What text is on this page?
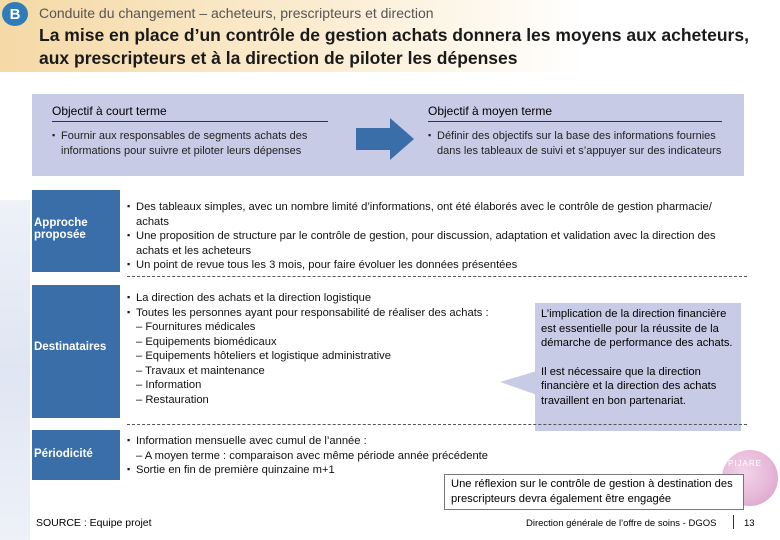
B	Conduite du changement – acheteurs, prescripteurs et direction
La mise en place d’un contrôle de gestion achats donnera les moyens aux acheteurs, aux prescripteurs et à la direction de piloter les dépenses
Objectif à court terme
▪ Fournir aux responsables de segments achats des informations pour suivre et piloter leurs dépenses
Objectif à moyen terme
▪ Définir des objectifs sur la base des informations fournies dans les tableaux de suivi et s’appuyer sur des indicateurs
Approche proposée
▪ Des tableaux simples, avec un nombre limité d’informations, ont été élaborés avec le contrôle de gestion pharmacie/ achats
▪ Une proposition de structure par le contrôle de gestion, pour discussion, adaptation et validation avec la direction des achats et les acheteurs
▪ Un point de revue tous les 3 mois, pour faire évoluer les données présentées
Destinataires
▪ La direction des achats et la direction logistique
▪ Toutes les personnes ayant pour responsabilité de réaliser des achats :
– Fournitures médicales
– Equipements biomédicaux
– Equipements hôteliers et logistique administrative
– Travaux et maintenance
– Information
– Restauration

L’implication de la direction financière est essentielle pour la réussite de la démarche de performance des achats.

Il est nécessaire que la direction financière et la direction des achats travaillent en bon partenariat.

Périodicité
▪ Information mensuelle avec cumul de l’année :
– A moyen terme : comparaison avec même période année précédente
▪ Sortie en fin de première quinzaine m+1
PIJARE
Une réflexion sur le contrôle de gestion à destination des prescripteurs devra également être engagée
SOURCE : Equipe projet	Direction générale de l’offre de soins - DGOS	13
